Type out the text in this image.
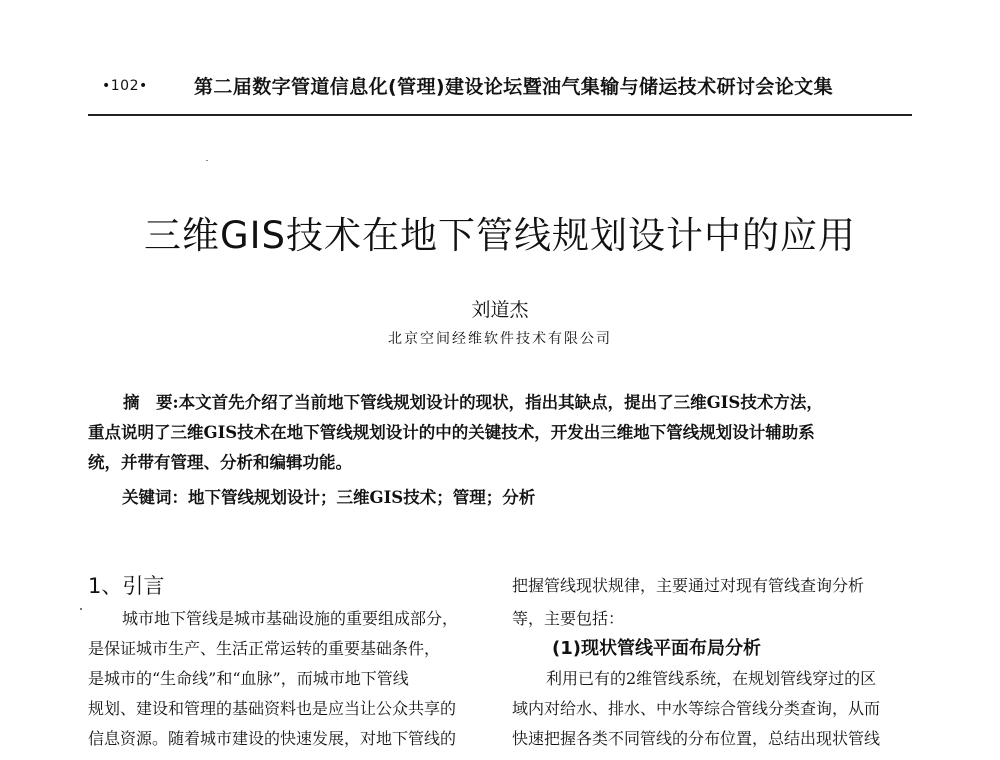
•102• 第二届数字管道信息化(管理)建设论坛暨油气集输与储运技术研讨会论文集
三维GIS技术在地下管线规划设计中的应用
刘道杰
北京空间经维软件技术有限公司

摘　要:本文首先介绍了当前地下管线规划设计的现状，指出其缺点，提出了三维GIS技术方法，

重点说明了三维GIS技术在地下管线规划设计的中的关键技术，开发出三维地下管线规划设计辅助系

统，并带有管理、分析和编辑功能。

关键词：地下管线规划设计；三维GIS技术；管理；分析
1、引言
城市地下管线是城市基础设施的重要组成部分，
是保证城市生产、生活正常运转的重要基础条件，
是城市的“生命线”和“血脉”，而城市地下管线
规划、建设和管理的基础资料也是应当让公众共享的
信息资源。随着城市建设的快速发展，对地下管线的
把握管线现状规律，主要通过对现有管线查询分析
等，主要包括：
(1)现状管线平面布局分析
利用已有的2维管线系统，在规划管线穿过的区
域内对给水、排水、中水等综合管线分类查询，从而
快速把握各类不同管线的分布位置，总结出现状管线
